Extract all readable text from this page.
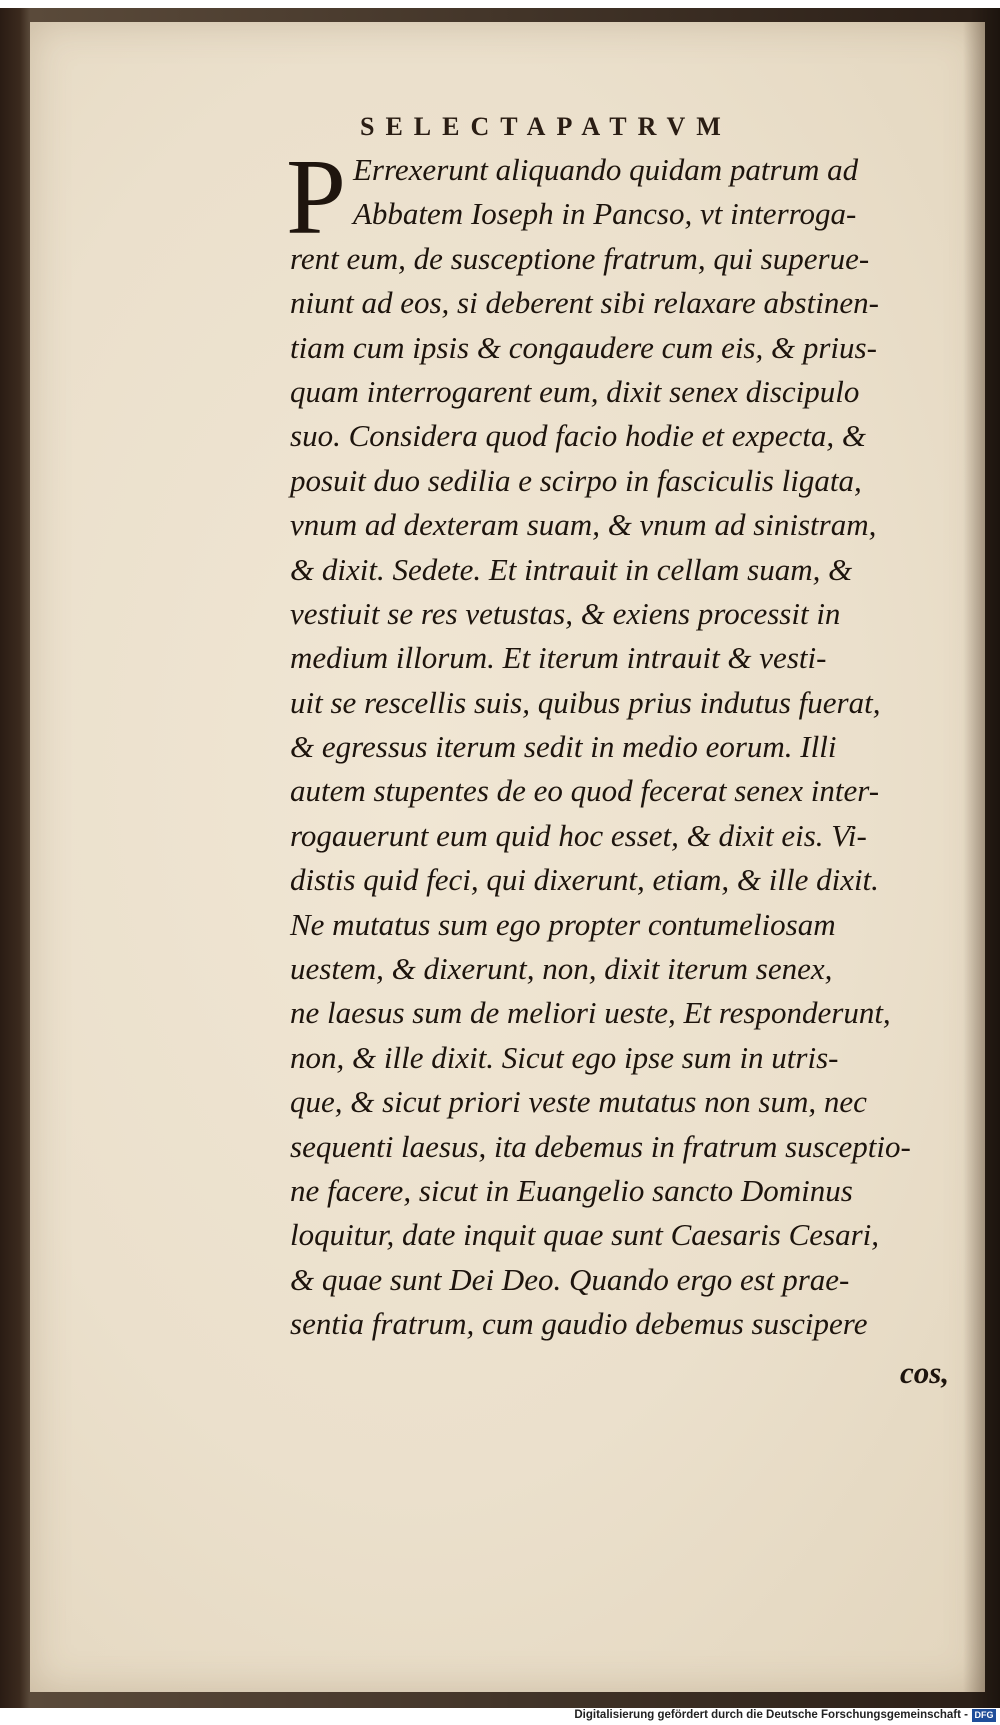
SELECTAPATRVM
P Errexerunt aliquando quidam patrum ad
Abbatem Ioseph in Pancso, vt interroga-
rent eum, de susceptione fratrum, qui superue-
niunt ad eos, si deberent sibi relaxare abstinen-
tiam cum ipsis & congaudere cum eis, & prius-
quam interrogarent eum, dixit senex discipulo
suo. Considera quod facio hodie et expecta, &
posuit duo sedilia e scirpo in fasciculis ligata,
vnum ad dexteram suam, & vnum ad sinistram,
& dixit. Sedete. Et intrauit in cellam suam, &
vestiuit se res vetustas, & exiens processit in
medium illorum. Et iterum intrauit & vesti-
uit se rescellis suis, quibus prius indutus fuerat,
& egressus iterum sedit in medio eorum. Illi
autem stupentes de eo quod fecerat senex inter-
rogauerunt eum quid hoc esset, & dixit eis. Vi-
distis quid feci, qui dixerunt, etiam, & ille dixit.
Ne mutatus sum ego propter contumeliosam
uestem, & dixerunt, non, dixit iterum senex,
ne laesus sum de meliori ueste, Et responderunt,
non, & ille dixit. Sicut ego ipse sum in utris-
que, & sicut priori veste mutatus non sum, nec
sequenti laesus, ita debemus in fratrum susceptio-
ne facere, sicut in Euangelio sancto Dominus
loquitur, date inquit quae sunt Caesaris Cesari,
& quae sunt Dei Deo. Quando ergo est prae-
sentia fratrum, cum gaudio debemus suscipere
cos,
Digitalisierung gefördert durch die Deutsche Forschungsgemeinschaft - DFG
